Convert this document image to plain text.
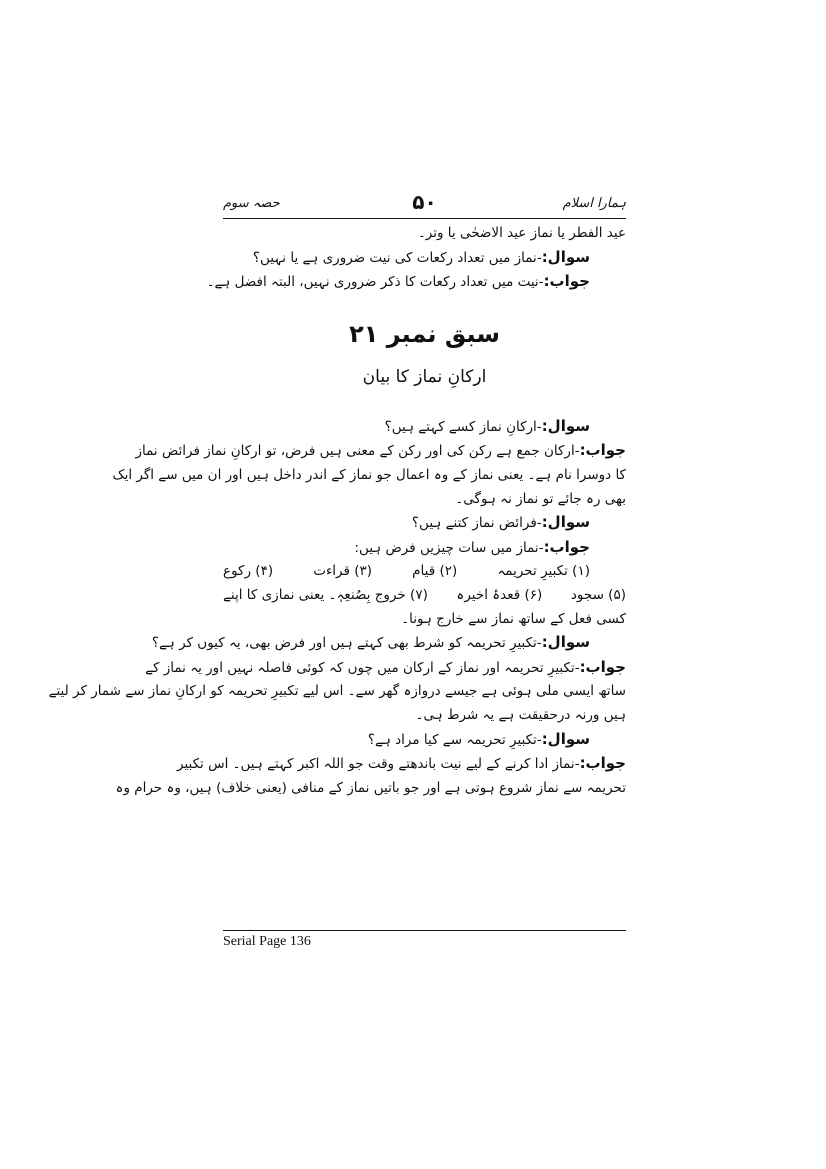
ہمارا اسلام
۵۰
حصہ سوم
عید الفطر یا نماز عید الاضحٰی یا وتر۔
سوال:-نماز میں تعداد رکعات کی نیت ضروری ہے یا نہیں؟
جواب:-نیت میں تعداد رکعات کا ذکر ضروری نہیں، البتہ افضل ہے۔
سبق نمبر ۲۱
ارکانِ نماز کا بیان
سوال:-ارکانِ نماز کسے کہتے ہیں؟
جواب:-ارکان جمع ہے رکن کی اور رکن کے معنی ہیں فرض، تو ارکانِ نماز فرائض نماز
کا دوسرا نام ہے۔ یعنی نماز کے وہ اعمال جو نماز کے اندر داخل ہیں اور ان میں سے اگر ایک
بھی رہ جائے تو نماز نہ ہوگی۔
سوال:-فرائض نماز کتنے ہیں؟
جواب:-نماز میں سات چیزیں فرض ہیں:
(۱) تکبیرِ تحریمہ
(۲) قیام
(۳) قراءت
(۴) رکوع
(۵) سجود
(۶) قعدۂ اخیرہ
(۷) خروج بِصُنعِہٖ۔ یعنی نمازی کا اپنے
کسی فعل کے ساتھ نماز سے خارج ہونا۔
سوال:-تکبیرِ تحریمہ کو شرط بھی کہتے ہیں اور فرض بھی، یہ کیوں کر ہے؟
جواب:-تکبیرِ تحریمہ اور نماز کے ارکان میں چوں کہ کوئی فاصلہ نہیں اور یہ نماز کے
ساتھ ایسی ملی ہوئی ہے جیسے دروازہ گھر سے۔ اس لیے تکبیرِ تحریمہ کو ارکانِ نماز سے شمار کر لیتے
ہیں ورنہ درحقیقت ہے یہ شرط ہی۔
سوال:-تکبیرِ تحریمہ سے کیا مراد ہے؟
جواب:-نماز ادا کرنے کے لیے نیت باندھتے وقت جو اللہ اکبر کہتے ہیں۔ اس تکبیر
تحریمہ سے نماز شروع ہوتی ہے اور جو باتیں نماز کے منافی (یعنی خلاف) ہیں، وہ حرام وہ
Serial Page 136
